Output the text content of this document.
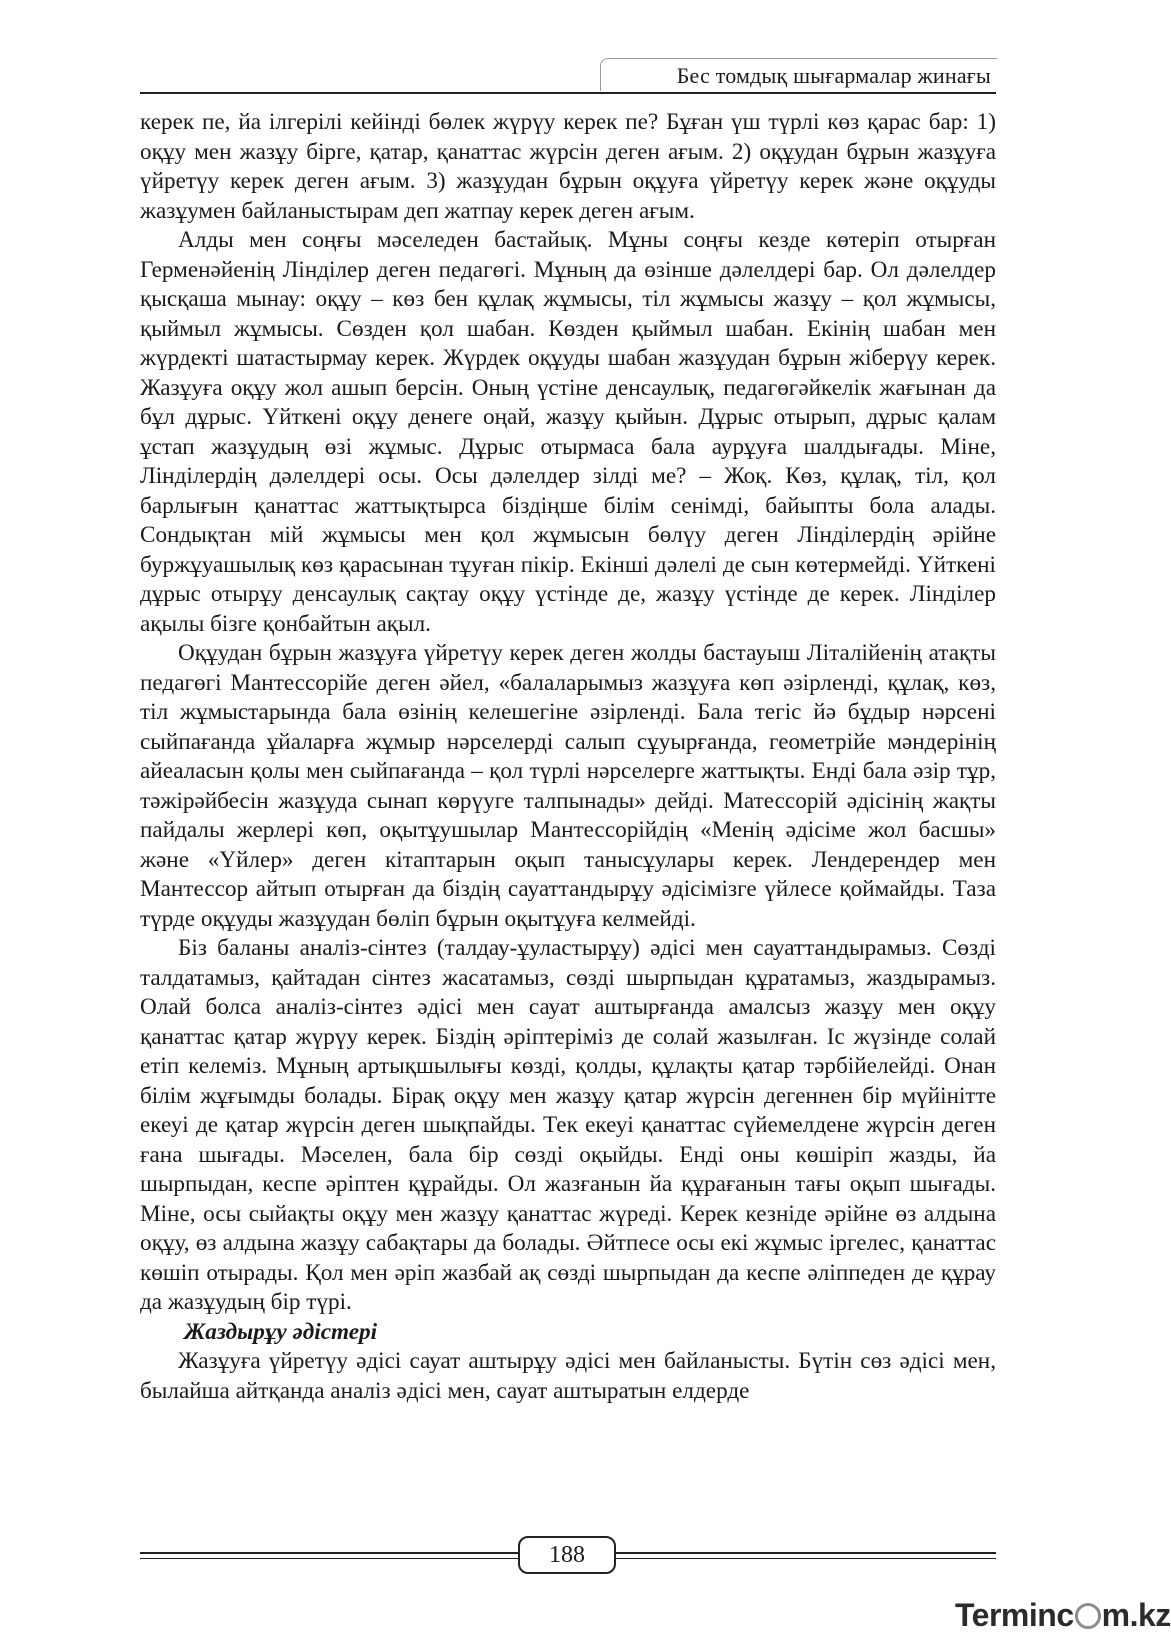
Бес томдық шығармалар жинағы

керек пе, йа ілгерілі кейінді бөлек жүрүу керек пе? Бұған үш түрлі көз қарас бар: 1) оқұу мен жазұу бірге, қатар, қанаттас жүрсін деген ағым. 2) оқұудан бұрын жазұуға үйретүу керек деген ағым. 3) жазұудан бұрын оқұуға үйретүу керек және оқұуды жазұумен байланыстырам деп жатпау керек деген ағым.

Алды мен соңғы мәселеден бастайық. Мұны соңғы кезде көтеріп отырған Герменәйенің Лінділер деген педагөгі. Мұның да өзінше дәлелдері бар. Ол дәлелдер қысқаша мынау: оқұу – көз бен құлақ жұмысы, тіл жұмысы жазұу – қол жұмысы, қыймыл жұмысы. Сөзден қол шабан. Көзден қыймыл шабан. Екінің шабан мен жүрдекті шатастырмау керек. Жүрдек оқұуды шабан жазұудан бұрын жіберүу керек. Жазұуға оқұу жол ашып берсін. Оның үстіне денсаулық, педагөгәйкелік жағынан да бұл дұрыс. Үйткені оқұу денеге оңай, жазұу қыйын. Дұрыс отырып, дұрыс қалам ұстап жазұудың өзі жұмыс. Дұрыс отырмаса бала аурұуға шалдығады. Міне, Лінділердің дәлелдері осы. Осы дәлелдер зілді ме? – Жоқ. Көз, құлақ, тіл, қол барлығын қанаттас жаттықтырса біздіңше білім сенімді, байыпты бола алады. Сондықтан мій жұмысы мен қол жұмысын бөлүу деген Лінділердің әрійне буржұуашылық көз қарасынан тұуған пікір. Екінші дәлелі де сын көтермейді. Үйткені дұрыс отырұу денсаулық сақтау оқұу үстінде де, жазұу үстінде де керек. Ліндiлер ақылы бізге қонбайтын ақыл.

Оқұудан бұрын жазұуға үйретүу керек деген жолды бастауыш Літалійенің атақты педагөгі Мантессорійе деген әйел, «балаларымыз жазұуға көп әзірленді, құлақ, көз, тіл жұмыстарында бала өзінің келешегіне әзірленді. Бала тегіс йә бұдыр нәрсені сыйпағанда ұйаларға жұмыр нәрселерді салып сұуырғанда, геометрійе мәндерінің айеаласын қолы мен сыйпағанда – қол түрлі нәрселерге жаттықты. Енді бала әзір тұр, тәжірәйбесін жазұуда сынап көрүуге талпынады» дейді. Матессорій әдісінің жақты пайдалы жерлері көп, оқытұушылар Мантессорійдің «Менің әдісіме жол басшы» және «Үйлер» деген кітаптарын оқып танысұулары керек. Лендерендер мен Мантессор айтып отырған да біздің сауаттандырұу әдісімізге үйлесе қоймайды. Таза түрде оқұуды жазұудан бөліп бұрын оқытұуға келмейді.

Біз баланы аналіз-сінтез (талдау-ұуластырұу) әдісі мен сауаттандырамыз. Сөзді талдатамыз, қайтадан сінтез жасатамыз, сөзді шырпыдан құратамыз, жаздырамыз. Олай болса аналіз-сінтез әдісі мен сауат аштырғанда амалсыз жазұу мен оқұу қанаттас қатар жүрүу керек. Біздің әріптеріміз де солай жазылған. Іс жүзінде солай етіп келеміз. Мұның артықшылығы көзді, қолды, құлақты қатар тәрбійелейді. Онан білім жұғымды болады. Бірақ оқұу мен жазұу қатар жүрсін дегеннен бір мүйінітте екеуі де қатар жүрсін деген шықпайды. Тек екеуі қанаттас сүйемелдене жүрсін деген ғана шығады. Мәселен, бала бір сөзді оқыйды. Енді оны көшіріп жазды, йа шырпыдан, кеспе әріптен құрайды. Ол жазғанын йа құрағанын тағы оқып шығады. Міне, осы сыйақты оқұу мен жазұу қанаттас жүреді. Керек кезніде әрійне өз алдына оқұу, өз алдына жазұу сабақтары да болады. Әйтпесе осы екі жұмыс іргелес, қанаттас көшіп отырады. Қол мен әріп жазбай ақ сөзді шырпыдан да кеспе әліппеден де құрау да жазұудың бір түрі.

Жаздырұу әдістері

Жазұуға үйретүу әдісі сауат аштырұу әдісі мен байланысты. Бүтін сөз әдісі мен, былайша айтқанда аналіз әдісі мен, сауат аштыратын елдерде

188
Terminc m.kz
